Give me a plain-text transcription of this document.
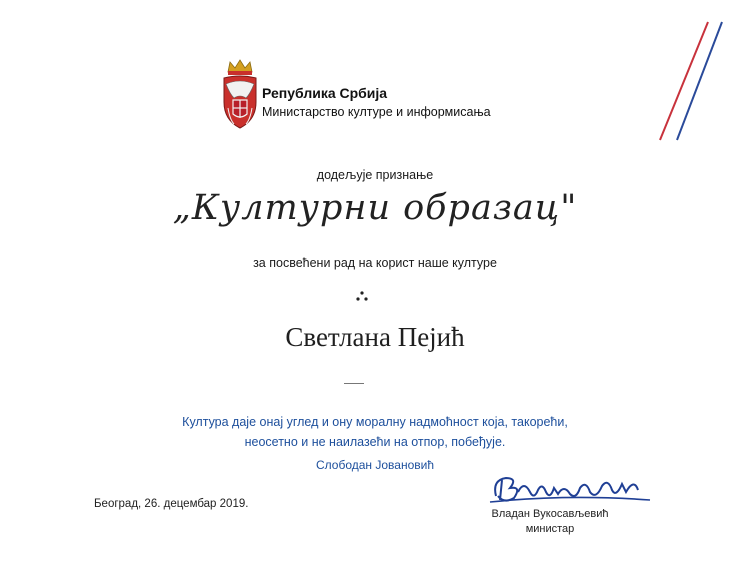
Република Србија
Министарство културе и информисања
додељује признање
„Културни образац"
за посвећени рад на корист наше културе
Светлана Пејић
Култура даје онај углед и ону моралну надмоћност која, такорећи,
неосетно и не наилазећи на отпор, побеђује.
Слободан Јовановић
Београд, 26. децембар 2019.
Владан Вукосављевић
министар
